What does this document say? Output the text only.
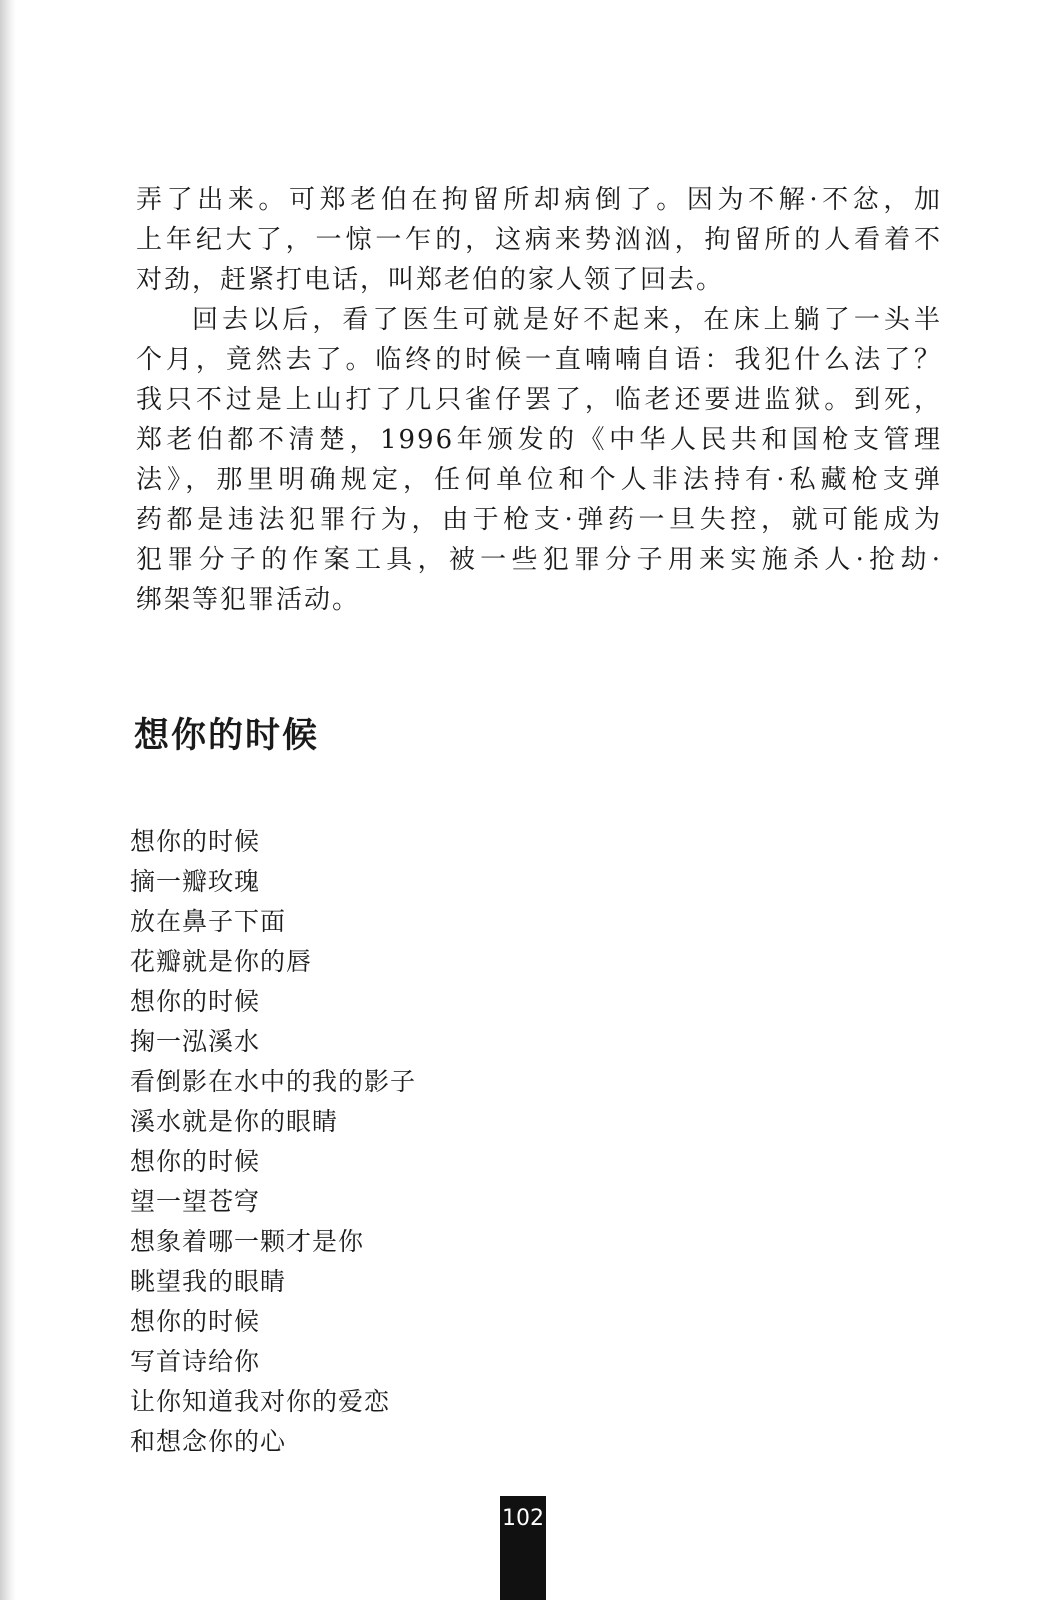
弄了出来。可郑老伯在拘留所却病倒了。因为不解·不忿，加
上年纪大了，一惊一乍的，这病来势汹汹，拘留所的人看着不
对劲，赶紧打电话，叫郑老伯的家人领了回去。

回去以后，看了医生可就是好不起来，在床上躺了一头半
个月，竟然去了。临终的时候一直喃喃自语：我犯什么法了？
我只不过是上山打了几只雀仔罢了，临老还要进监狱。到死，
郑老伯都不清楚，1996年颁发的《中华人民共和国枪支管理
法》，那里明确规定，任何单位和个人非法持有·私藏枪支弹
药都是违法犯罪行为，由于枪支·弹药一旦失控，就可能成为
犯罪分子的作案工具，被一些犯罪分子用来实施杀人·抢劫·
绑架等犯罪活动。

想你的时候
想你的时候
摘一瓣玫瑰
放在鼻子下面
花瓣就是你的唇
想你的时候
掬一泓溪水
看倒影在水中的我的影子
溪水就是你的眼睛
想你的时候
望一望苍穹
想象着哪一颗才是你
眺望我的眼睛
想你的时候
写首诗给你
让你知道我对你的爱恋
和想念你的心
102
